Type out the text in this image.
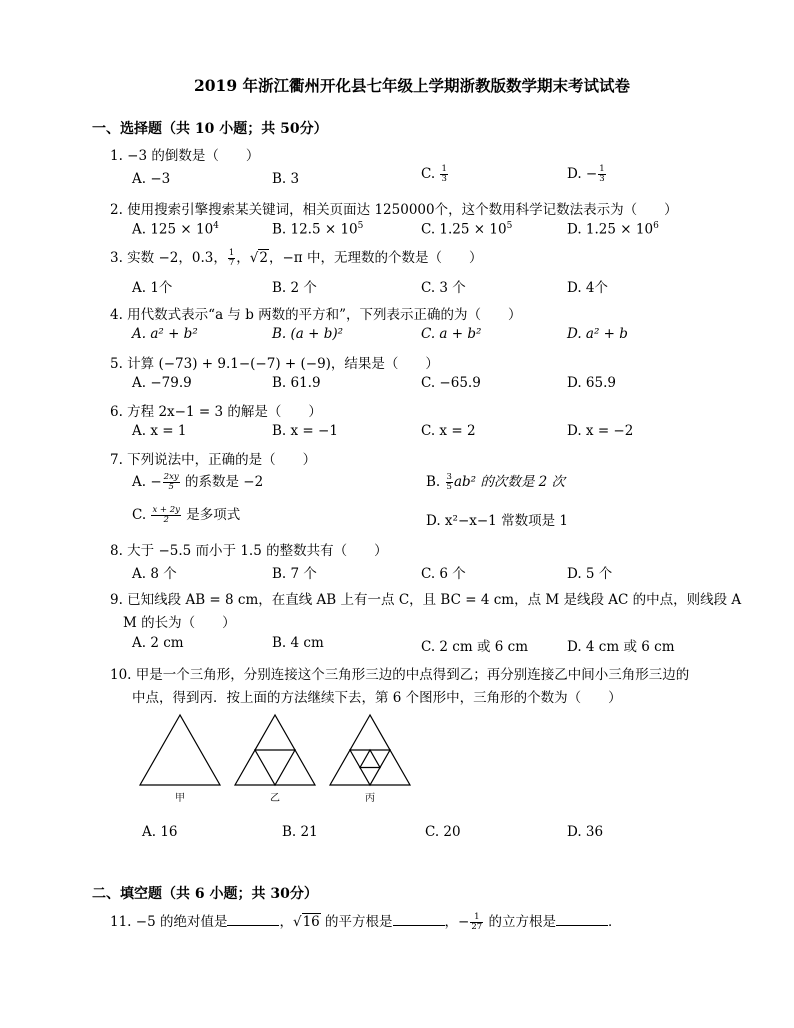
2019 年浙江衢州开化县七年级上学期浙教版数学期末考试试卷
一、选择题（共 10 小题；共 50分）
1. −3 的倒数是（　　）
A. −3	B. 3	C. $\frac{1}{3}$	D. − $\frac{1}{3}$
2. 使用搜索引擎搜索某关键词，相关页面达 1250000个，这个数用科学记数法表示为（　　）
A. $125 \times 10^4$	B. $12.5 \times 10^5$	C. $1.25 \times 10^5$	D. $1.25 \times 10^6$
3. 实数 −2，0.3， $\frac{1}{7}$ ，√2，−π 中，无理数的个数是（　　）
A. 1个	B. 2 个	C. 3 个	D. 4个
4. 用代数式表示“a 与 b 两数的平方和”，下列表示正确的为（　　）
A. a² + b²	B. (a + b)²	C. a + b²	D. a² + b
5. 计算 (−73) + 9.1−(−7) + (−9)，结果是（　　）
A. −79.9	B. 61.9	C. −65.9	D. 65.9
6. 方程 2x−1 = 3 的解是（　　）
A. x = 1	B. x = −1	C. x = 2	D. x = −2
7. 下列说法中，正确的是（　　）
A. − $\frac{2xy}{5}$ 的系数是 −2	B. $\frac{3}{5} ab^2$ 的次数是 2 次
C. $\frac{x + 2y}{2}$ 是多项式	D. x²−x−1 常数项是 1
8. 大于 −5.5 而小于 1.5 的整数共有（　　）
A. 8 个	B. 7 个	C. 6 个	D. 5 个
9. 已知线段 AB = 8 cm，在直线 AB 上有一点 C，且 BC = 4 cm，点 M 是线段 AC 的中点，则线段 A
M 的长为（　　）
A. 2 cm	B. 4 cm	C. 2 cm 或 6 cm	D. 4 cm 或 6 cm
10. 甲是一个三角形，分别连接这个三角形三边的中点得到乙；再分别连接乙中间小三角形三边的
中点，得到丙．按上面的方法继续下去，第 6 个图形中，三角形的个数为（　　）
甲	乙	丙
A. 16	B. 21	C. 20	D. 36
二、填空题（共 6 小题；共 30分）
11. −5 的绝对值是	，√16 的平方根是	，− $\frac{1}{27}$ 的立方根是	．
